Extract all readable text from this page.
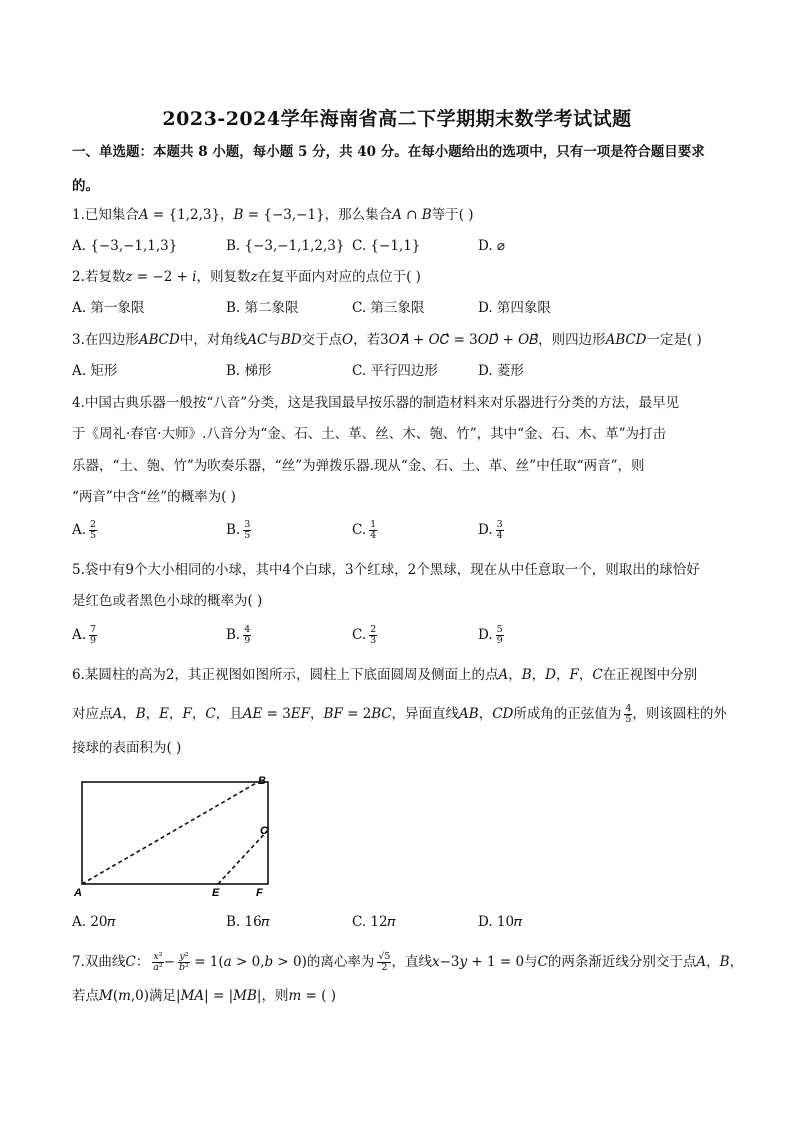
2023-2024学年海南省高二下学期期末数学考试试题
一、单选题：本题共 8 小题，每小题 5 分，共 40 分。在每小题给出的选项中，只有一项是符合题目要求
的。
1.已知集合𝐴 = {1,2,3}，𝐵 = {−3,−1}，那么集合𝐴 ∩ 𝐵等于( )
A. {−3,−1,1,3}	B. {−3,−1,1,2,3} C. {−1,1}	D. ⌀
2.若复数𝑧 = −2 + 𝑖，则复数𝑧在复平面内对应的点位于( )
A. 第一象限	B. 第二象限	C. 第三象限	D. 第四象限
3.在四边形𝐴𝐵𝐶𝐷中，对角线𝐴𝐶与𝐵𝐷交于点𝑂，若3𝑂𝐴⃗ + 𝑂𝐶⃗ = 3𝑂𝐷⃗ + 𝑂𝐵⃗，则四边形𝐴𝐵𝐶𝐷一定是( )
A. 矩形	B. 梯形	C. 平行四边形	D. 菱形
4.中国古典乐器一般按“八音”分类，这是我国最早按乐器的制造材料来对乐器进行分类的方法，最早见
于《周礼·春官·大师》.八音分为“金、石、土、革、丝、木、匏、竹”，其中“金、石、木、革”为打击
乐器，“土、匏、竹”为吹奏乐器，“丝”为弹拨乐器.现从“金、石、土、革、丝”中任取“两音”，则
“两音”中含“丝”的概率为( )
A. $\frac{2}{5}$	B. $\frac{3}{5}$	C. $\frac{1}{4}$	D. $\frac{3}{4}$
5.袋中有9个大小相同的小球，其中4个白球，3个红球，2个黑球，现在从中任意取一个，则取出的球恰好
是红色或者黑色小球的概率为( )
A. $\frac{7}{9}$	B. $\frac{4}{9}$	C. $\frac{2}{3}$	D. $\frac{5}{9}$
6.某圆柱的高为2，其正视图如图所示，圆柱上下底面圆周及侧面上的点𝐴，𝐵，𝐷，𝐹，𝐶在正视图中分别
对应点𝐴，𝐵，𝐸，𝐹，𝐶，且𝐴𝐸 = 3𝐸𝐹，𝐵𝐹 = 2𝐵𝐶，异面直线𝐴𝐵，𝐶𝐷所成角的正弦值为 $\frac{4}{5}$ ，则该圆柱的外
接球的表面积为( )
B
C
A	E	F
A. 20𝜋	B. 16𝜋	C. 12𝜋	D. 10𝜋
7.双曲线𝐶： $\frac{\text{𝑥²}}{\text{𝑎²}} - \frac{\text{𝑦²}}{\text{𝑏²}}$ = 1(𝑎 > 0,𝑏 > 0)的离心率为 $\frac{√5}{2}$ ，直线𝑥−3𝑦 + 1 = 0与𝐶的两条渐近线分别交于点𝐴，𝐵，
若点𝑀(𝑚,0)满足|𝑀𝐴| = |𝑀𝐵|，则𝑚 = ( )
